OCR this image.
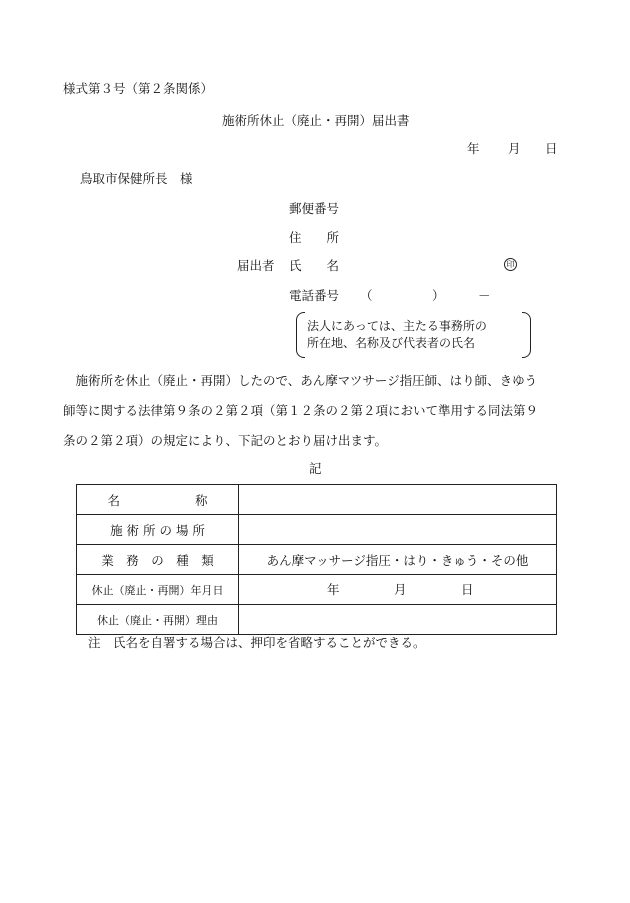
様式第３号（第２条関係）
施術所休止（廃止・再開）届出書
年 月 日
鳥取市保健所長　様
郵便番号
住　　所
届出者 氏　　名	印
電話番号 （	）	－
法人にあっては、主たる事務所の
所在地、名称及び代表者の氏名
　施術所を休止（廃止・再開）したので、あん摩マツサージ指圧師、はり師、きゆう
師等に関する法律第９条の２第２項（第１２条の２第２項において準用する同法第９
条の２第２項）の規定により、下記のとおり届け出ます。
記
名　　　　　　称	
施 術 所 の 場 所	
業　務　の　種　類	あん摩マッサージ指圧・はり・きゅう・その他
休止（廃止・再開）年月日	年 月 日

休止（廃止・再開）理由	
注　氏名を自署する場合は、押印を省略することができる。
